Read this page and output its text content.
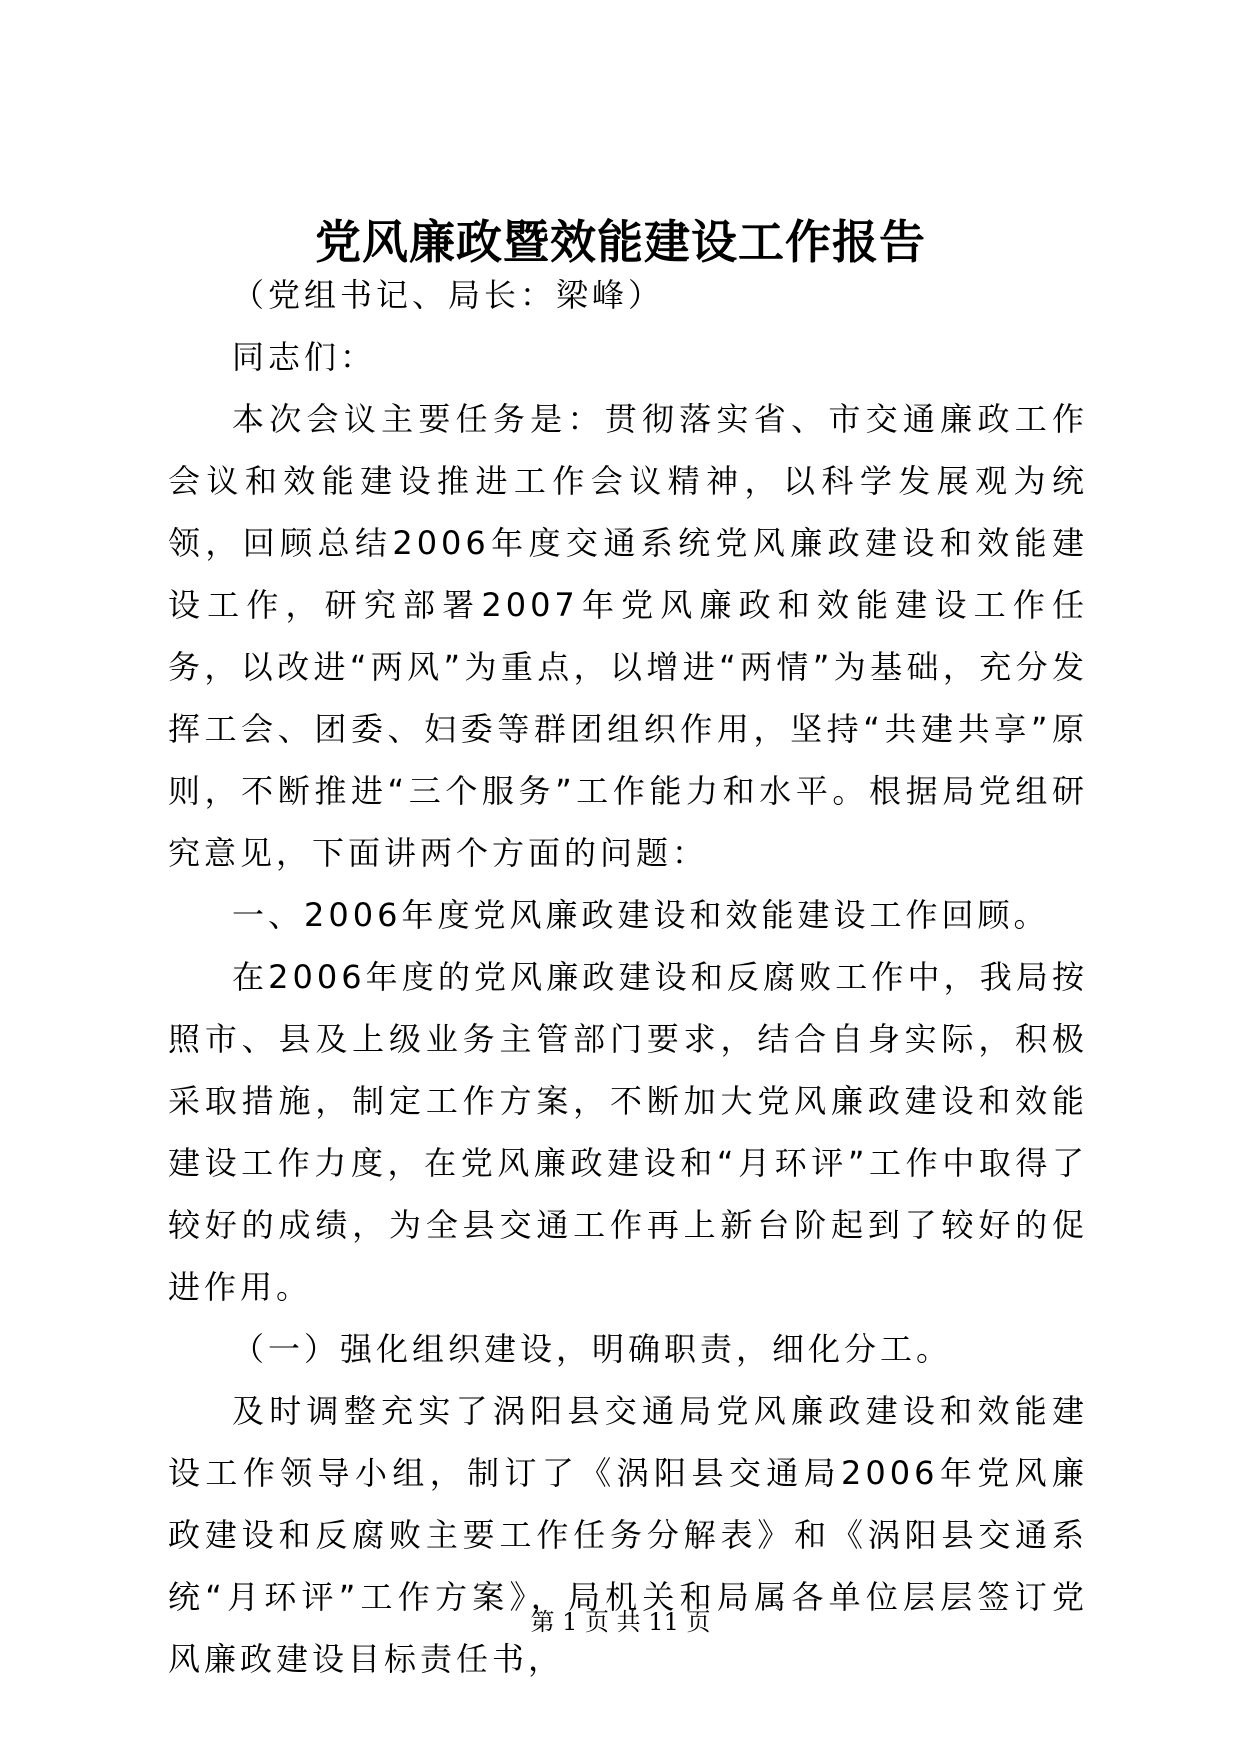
党风廉政暨效能建设工作报告

（党组书记、局长：梁峰）

同志们：

本次会议主要任务是：贯彻落实省、市交通廉政工作会议和效能建设推进工作会议精神，以科学发展观为统领，回顾总结2006年度交通系统党风廉政建设和效能建设工作，研究部署2007年党风廉政和效能建设工作任务，以改进“两风”为重点，以增进“两情”为基础，充分发挥工会、团委、妇委等群团组织作用，坚持“共建共享”原则，不断推进“三个服务”工作能力和水平。根据局党组研究意见，下面讲两个方面的问题：

一、2006年度党风廉政建设和效能建设工作回顾。

在2006年度的党风廉政建设和反腐败工作中，我局按照市、县及上级业务主管部门要求，结合自身实际，积极采取措施，制定工作方案，不断加大党风廉政建设和效能建设工作力度，在党风廉政建设和“月环评”工作中取得了较好的成绩，为全县交通工作再上新台阶起到了较好的促进作用。

（一）强化组织建设，明确职责，细化分工。

及时调整充实了涡阳县交通局党风廉政建设和效能建设工作领导小组，制订了《涡阳县交通局2006年党风廉政建设和反腐败主要工作任务分解表》和《涡阳县交通系统“月环评”工作方案》，局机关和局属各单位层层签订党风廉政建设目标责任书，

第 1 页 共 11 页
